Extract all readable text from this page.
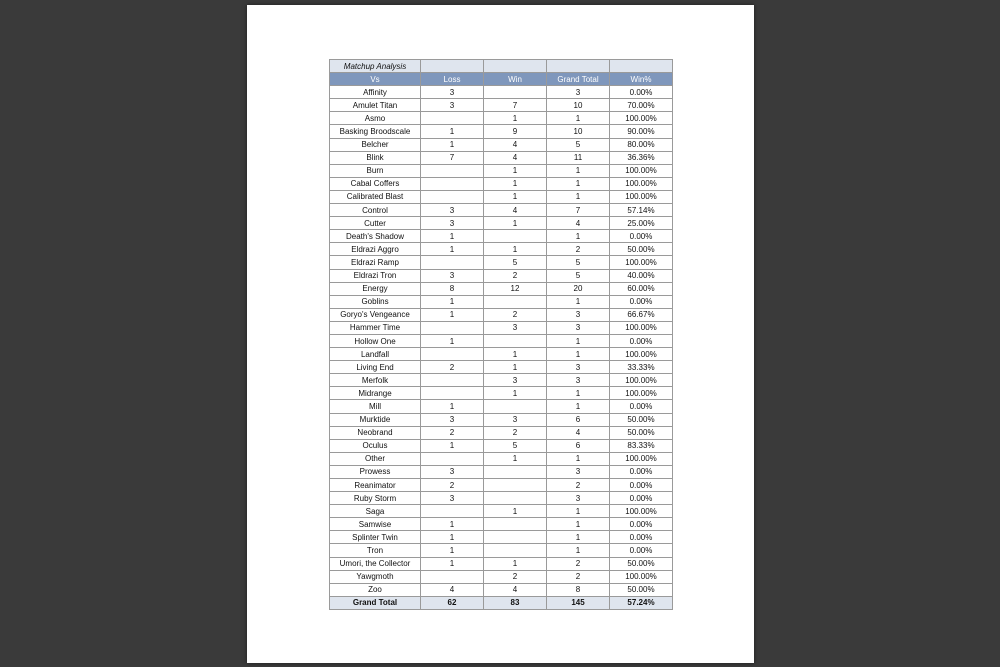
Matchup Analysis				
Vs	Loss	Win	Grand Total	Win%
Affinity	3		3	0.00%
Amulet Titan	3	7	10	70.00%
Asmo		1	1	100.00%
Basking Broodscale	1	9	10	90.00%
Belcher	1	4	5	80.00%
Blink	7	4	11	36.36%
Burn		1	1	100.00%
Cabal Coffers		1	1	100.00%
Calibrated Blast		1	1	100.00%
Control	3	4	7	57.14%
Cutter	3	1	4	25.00%
Death's Shadow	1		1	0.00%
Eldrazi Aggro	1	1	2	50.00%
Eldrazi Ramp		5	5	100.00%
Eldrazi Tron	3	2	5	40.00%
Energy	8	12	20	60.00%
Goblins	1		1	0.00%
Goryo's Vengeance	1	2	3	66.67%
Hammer Time		3	3	100.00%
Hollow One	1		1	0.00%
Landfall		1	1	100.00%
Living End	2	1	3	33.33%
Merfolk		3	3	100.00%
Midrange		1	1	100.00%
Mill	1		1	0.00%
Murktide	3	3	6	50.00%
Neobrand	2	2	4	50.00%
Oculus	1	5	6	83.33%
Other		1	1	100.00%
Prowess	3		3	0.00%
Reanimator	2		2	0.00%
Ruby Storm	3		3	0.00%
Saga		1	1	100.00%
Samwise	1		1	0.00%
Splinter Twin	1		1	0.00%
Tron	1		1	0.00%
Umori, the Collector	1	1	2	50.00%
Yawgmoth		2	2	100.00%
Zoo	4	4	8	50.00%
Grand Total	62	83	145	57.24%
